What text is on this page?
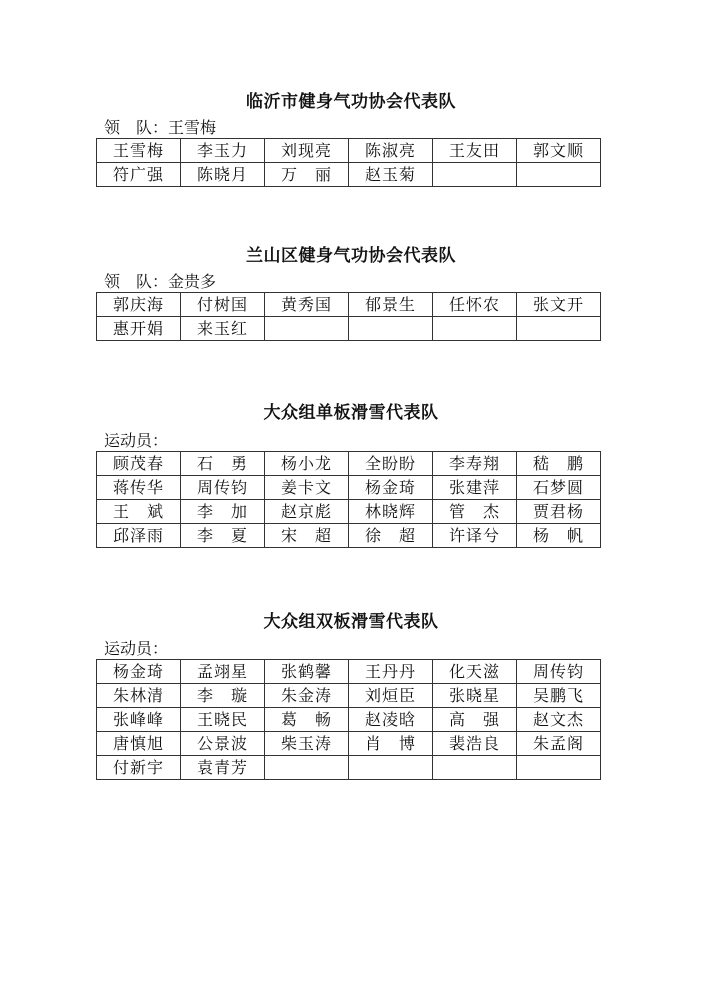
临沂市健身气功协会代表队
领　队：王雪梅
王雪梅	李玉力	刘现亮	陈淑亮	王友田	郭文顺
符广强	陈晓月	万　丽	赵玉菊		
兰山区健身气功协会代表队
领　队：金贵多
郭庆海	付树国	黄秀国	郁景生	任怀农	张文开
惠开娟	来玉红				
大众组单板滑雪代表队
运动员：
顾茂春	石　勇	杨小龙	全盼盼	李寿翔	嵇　鹏
蒋传华	周传钧	姜卡文	杨金琦	张建萍	石梦圆
王　斌	李　加	赵京彪	林晓辉	管　杰	贾君杨
邱泽雨	李　夏	宋　超	徐　超	许译兮	杨　帆
大众组双板滑雪代表队
运动员：
杨金琦	孟翊星	张鹤馨	王丹丹	化天滋	周传钧
朱林清	李　璇	朱金涛	刘烜臣	张晓星	吴鹏飞
张峰峰	王晓民	葛　畅	赵凌晗	高　强	赵文杰
唐慎旭	公景波	柴玉涛	肖　博	裴浩良	朱孟阁
付新宇	袁青芳				
